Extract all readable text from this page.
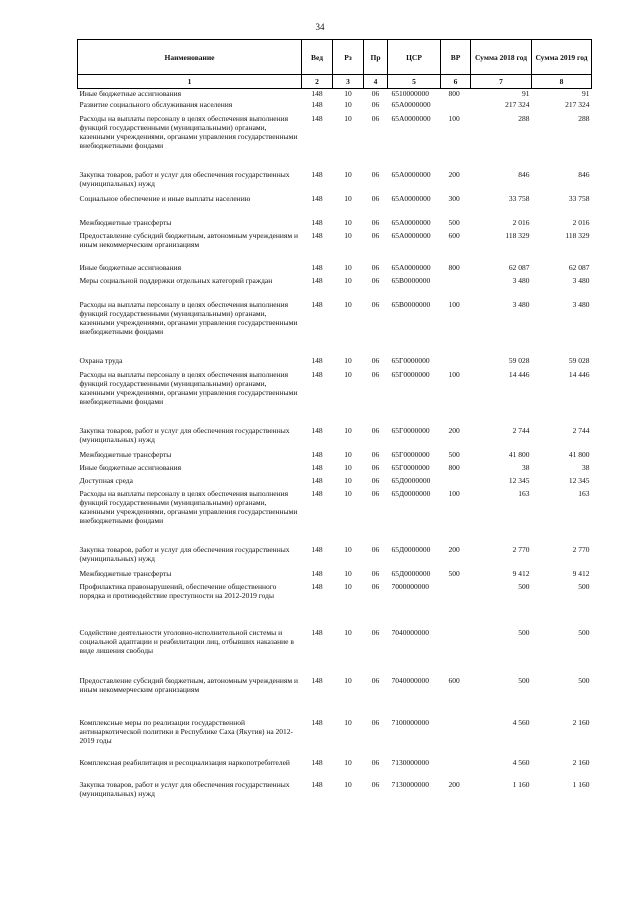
34
Наименование	Вед	Рз	Пр	ЦСР	ВР	Сумма 2018 год	Сумма 2019 год
1	2	3	4	5	6	7	8
Иные бюджетные ассигнования	148	10	06	6510000000	800	91	91
Развитие социального обслуживания населения	148	10	06	65А0000000		217 324	217 324
Расходы на выплаты персоналу в целях обеспечения выполнения функций государственными (муниципальными) органами, казенными учреждениями, органами управления государственными внебюджетными фондами	148	10	06	65А0000000	100	288	288
Закупка товаров, работ и услуг для обеспечения государственных (муниципальных) нужд	148	10	06	65А0000000	200	846	846
Социальное обеспечение и иные выплаты населению	148	10	06	65А0000000	300	33 758	33 758
Межбюджетные трансферты	148	10	06	65А0000000	500	2 016	2 016
Предоставление субсидий бюджетным, автономным учреждениям и иным некоммерческим организациям	148	10	06	65А0000000	600	118 329	118 329
Иные бюджетные ассигнования	148	10	06	65А0000000	800	62 087	62 087
Меры социальной поддержки отдельных категорий граждан	148	10	06	65В0000000		3 480	3 480
Расходы на выплаты персоналу в целях обеспечения выполнения функций государственными (муниципальными) органами, казенными учреждениями, органами управления государственными внебюджетными фондами	148	10	06	65В0000000	100	3 480	3 480
Охрана труда	148	10	06	65Г0000000		59 028	59 028
Расходы на выплаты персоналу в целях обеспечения выполнения функций государственными (муниципальными) органами, казенными учреждениями, органами управления государственными внебюджетными фондами	148	10	06	65Г0000000	100	14 446	14 446
Закупка товаров, работ и услуг для обеспечения государственных (муниципальных) нужд	148	10	06	65Г0000000	200	2 744	2 744
Межбюджетные трансферты	148	10	06	65Г0000000	500	41 800	41 800
Иные бюджетные ассигнования	148	10	06	65Г0000000	800	38	38
Доступная среда	148	10	06	65Д0000000		12 345	12 345
Расходы на выплаты персоналу в целях обеспечения выполнения функций государственными (муниципальными) органами, казенными учреждениями, органами управления государственными внебюджетными фондами	148	10	06	65Д0000000	100	163	163
Закупка товаров, работ и услуг для обеспечения государственных (муниципальных) нужд	148	10	06	65Д0000000	200	2 770	2 770
Межбюджетные трансферты	148	10	06	65Д0000000	500	9 412	9 412
Профилактика правонарушений, обеспечение общественного порядка и противодействие преступности на 2012-2019 годы	148	10	06	7000000000		500	500
Содействие деятельности уголовно-исполнительной системы и социальной адаптации и реабилитации лиц, отбывших наказание в виде лишения свободы	148	10	06	7040000000		500	500
Предоставление субсидий бюджетным, автономным учреждениям и иным некоммерческим организациям	148	10	06	7040000000	600	500	500
Комплексные меры по реализации государственной антинаркотической политики в Республике Саха (Якутия) на 2012-2019 годы	148	10	06	7100000000		4 560	2 160
Комплексная реабилитация и ресоциализация наркопотребителей	148	10	06	7130000000		4 560	2 160
Закупка товаров, работ и услуг для обеспечения государственных (муниципальных) нужд	148	10	06	7130000000	200	1 160	1 160
